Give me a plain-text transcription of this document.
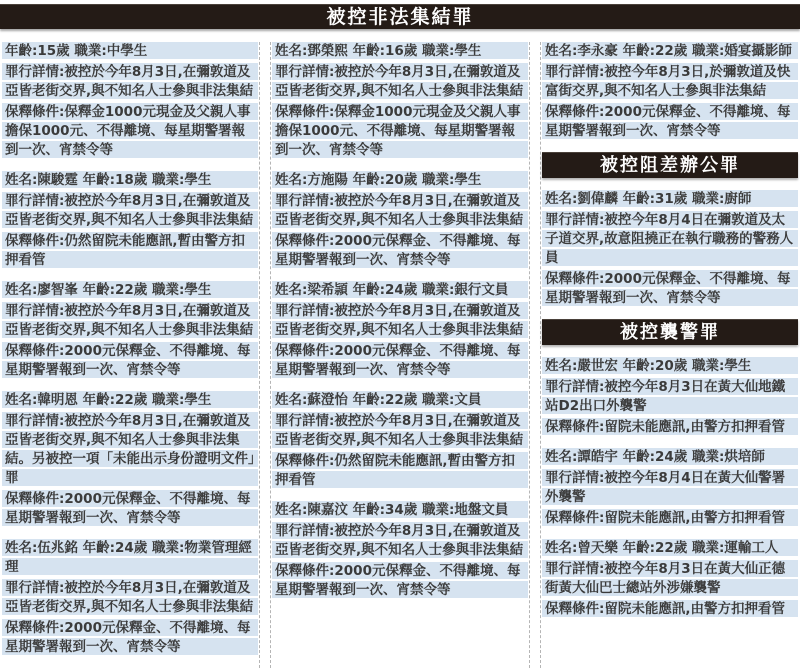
被控非法集結罪
年齡:15歲 職業:中學生
罪行詳情:被控於今年8月3日,在彌敦道及亞皆老街交界,與不知名人士參與非法集結
保釋條件:保釋金1000元現金及父親人事擔保1000元、不得離境、每星期警署報到一次、宵禁令等
姓名:陳駿霆 年齡:18歲 職業:學生
罪行詳情:被控於今年8月3日,在彌敦道及亞皆老街交界,與不知名人士參與非法集結
保釋條件:仍然留院未能應訊,暫由警方扣押看管
姓名:廖智峯 年齡:22歲 職業:學生
罪行詳情:被控於今年8月3日,在彌敦道及亞皆老街交界,與不知名人士參與非法集結
保釋條件:2000元保釋金、不得離境、每星期警署報到一次、宵禁令等
姓名:韓明恩 年齡:22歲 職業:學生
罪行詳情:被控於今年8月3日,在彌敦道及亞皆老街交界,與不知名人士參與非法集結。另被控一項「未能出示身份證明文件」罪
保釋條件:2000元保釋金、不得離境、每星期警署報到一次、宵禁令等
姓名:伍兆銘 年齡:24歲 職業:物業管理經理
罪行詳情:被控於今年8月3日,在彌敦道及亞皆老街交界,與不知名人士參與非法集結
保釋條件:2000元保釋金、不得離境、每星期警署報到一次、宵禁令等
姓名:鄧榮熙 年齡:16歲 職業:學生
罪行詳情:被控於今年8月3日,在彌敦道及亞皆老街交界,與不知名人士參與非法集結
保釋條件:保釋金1000元現金及父親人事擔保1000元、不得離境、每星期警署報到一次、宵禁令等
姓名:方施陽 年齡:20歲 職業:學生
罪行詳情:被控於今年8月3日,在彌敦道及亞皆老街交界,與不知名人士參與非法集結
保釋條件:2000元保釋金、不得離境、每星期警署報到一次、宵禁令等
姓名:梁希頴 年齡:24歲 職業:銀行文員
罪行詳情:被控於今年8月3日,在彌敦道及亞皆老街交界,與不知名人士參與非法集結
保釋條件:2000元保釋金、不得離境、每星期警署報到一次、宵禁令等
姓名:蘇澄怡 年齡:22歲 職業:文員
罪行詳情:被控於今年8月3日,在彌敦道及亞皆老街交界,與不知名人士參與非法集結
保釋條件:仍然留院未能應訊,暫由警方扣押看管
姓名:陳嘉汶 年齡:34歲 職業:地盤文員
罪行詳情:被控於今年8月3日,在彌敦道及亞皆老街交界,與不知名人士參與非法集結
保釋條件:2000元保釋金、不得離境、每星期警署報到一次、宵禁令等
姓名:李永豪 年齡:22歲 職業:婚宴攝影師
罪行詳情:被控今年8月3日,於彌敦道及快富街交界,與不知名人士參與非法集結
保釋條件:2000元保釋金、不得離境、每星期警署報到一次、宵禁令等
被控阻差辦公罪
姓名:劉偉麟 年齡:31歲 職業:廚師
罪行詳情:被控今年8月4日在彌敦道及太子道交界,故意阻撓正在執行職務的警務人員
保釋條件:2000元保釋金、不得離境、每星期警署報到一次、宵禁令等
被控襲警罪
姓名:嚴世宏 年齡:20歲 職業:學生
罪行詳情:被控今年8月3日在黃大仙地鐵站D2出口外襲警
保釋條件:留院未能應訊,由警方扣押看管
姓名:譚皓宇 年齡:24歲 職業:烘培師
罪行詳情:被控今年8月4日在黃大仙警署外襲警
保釋條件:留院未能應訊,由警方扣押看管
姓名:曾天樂 年齡:22歲 職業:運輸工人
罪行詳情:被控今年8月3日在黃大仙正德街黃大仙巴士總站外涉嫌襲警
保釋條件:留院未能應訊,由警方扣押看管
